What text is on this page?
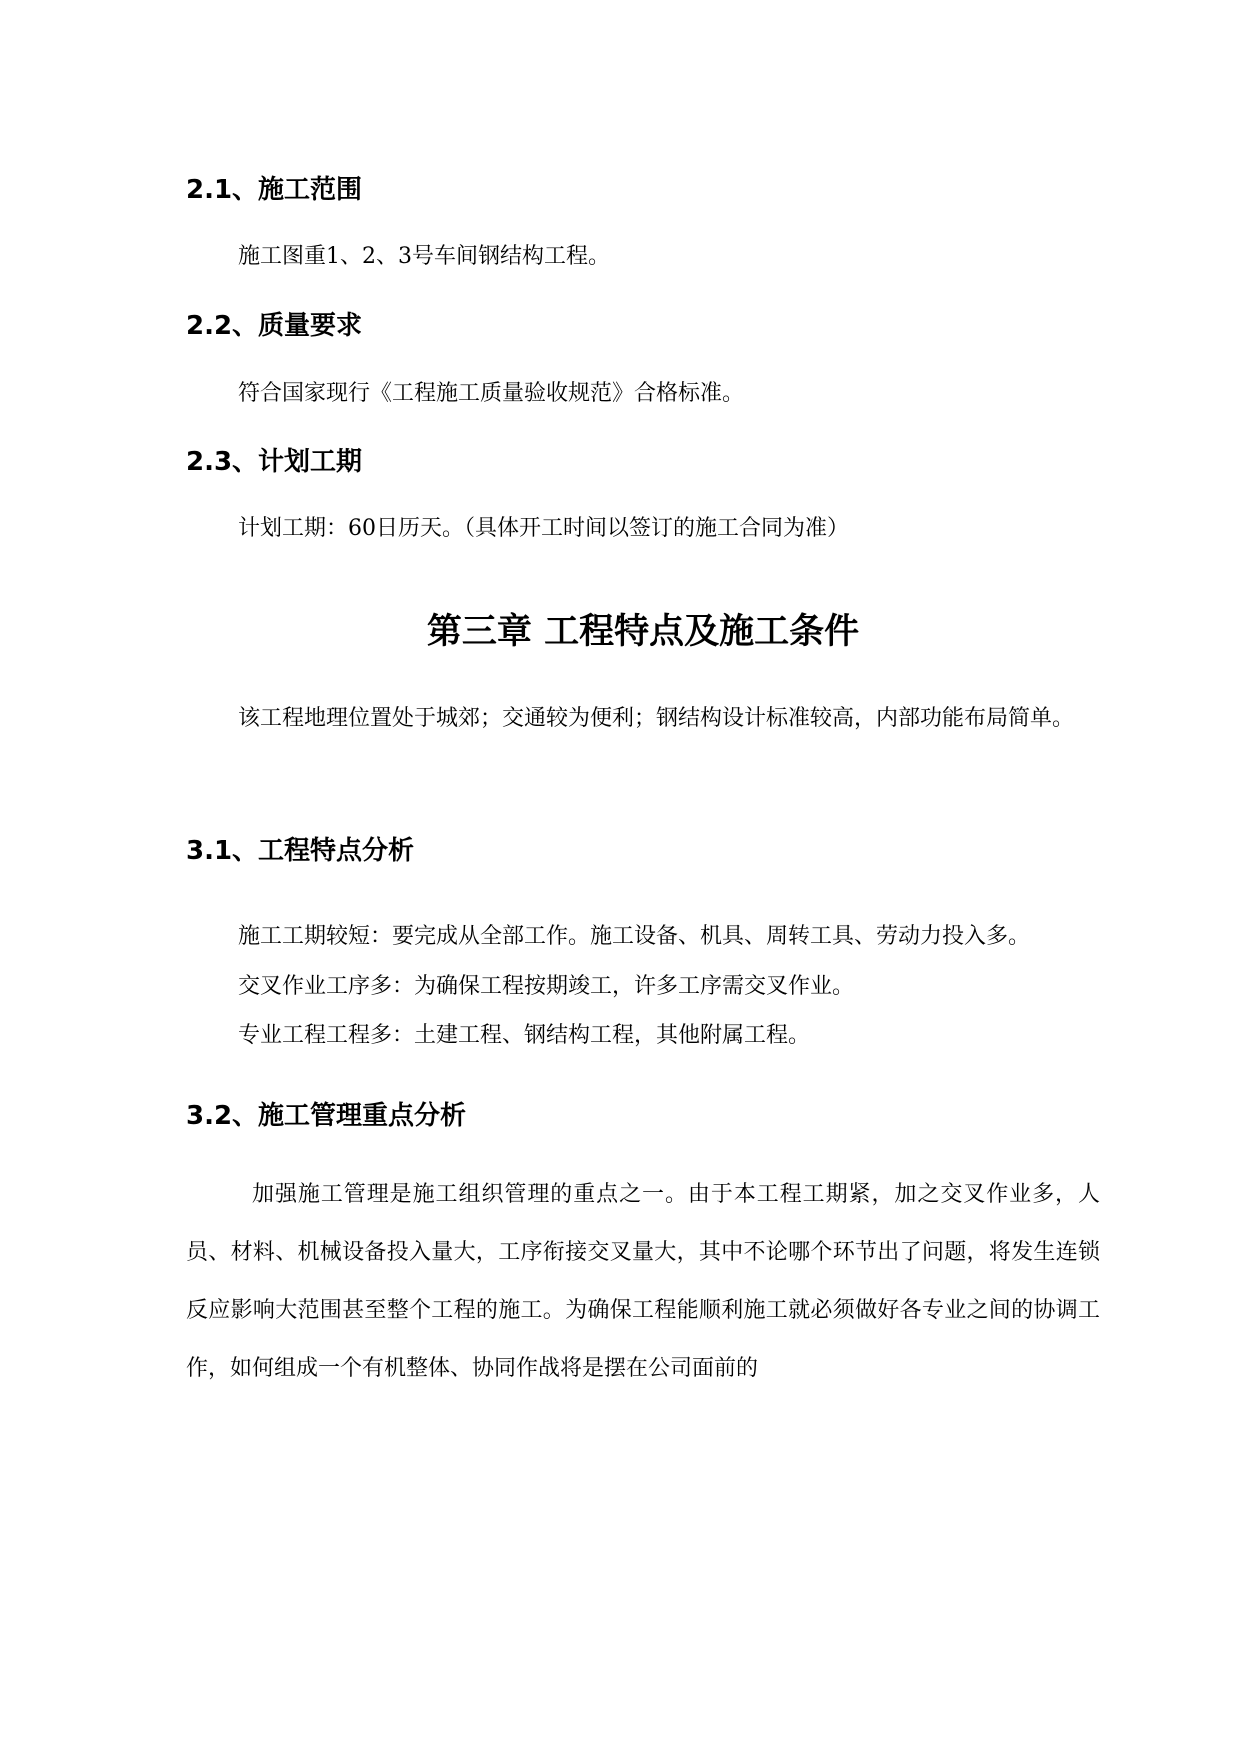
2.1、施工范围

施工图重1、2、3号车间钢结构工程。

2.2、质量要求

符合国家现行《工程施工质量验收规范》合格标准。

2.3、计划工期

计划工期：60日历天。（具体开工时间以签订的施工合同为准）

第三章 工程特点及施工条件

该工程地理位置处于城郊；交通较为便利；钢结构设计标准较高，内部功能布局简单。

3.1、工程特点分析

施工工期较短：要完成从全部工作。施工设备、机具、周转工具、劳动力投入多。

交叉作业工序多：为确保工程按期竣工，许多工序需交叉作业。

专业工程工程多：土建工程、钢结构工程，其他附属工程。

3.2、施工管理重点分析

加强施工管理是施工组织管理的重点之一。由于本工程工期紧，加之交叉作业多，人员、材料、机械设备投入量大，工序衔接交叉量大，其中不论哪个环节出了问题，将发生连锁反应影响大范围甚至整个工程的施工。为确保工程能顺利施工就必须做好各专业之间的协调工作，如何组成一个有机整体、协同作战将是摆在公司面前的
